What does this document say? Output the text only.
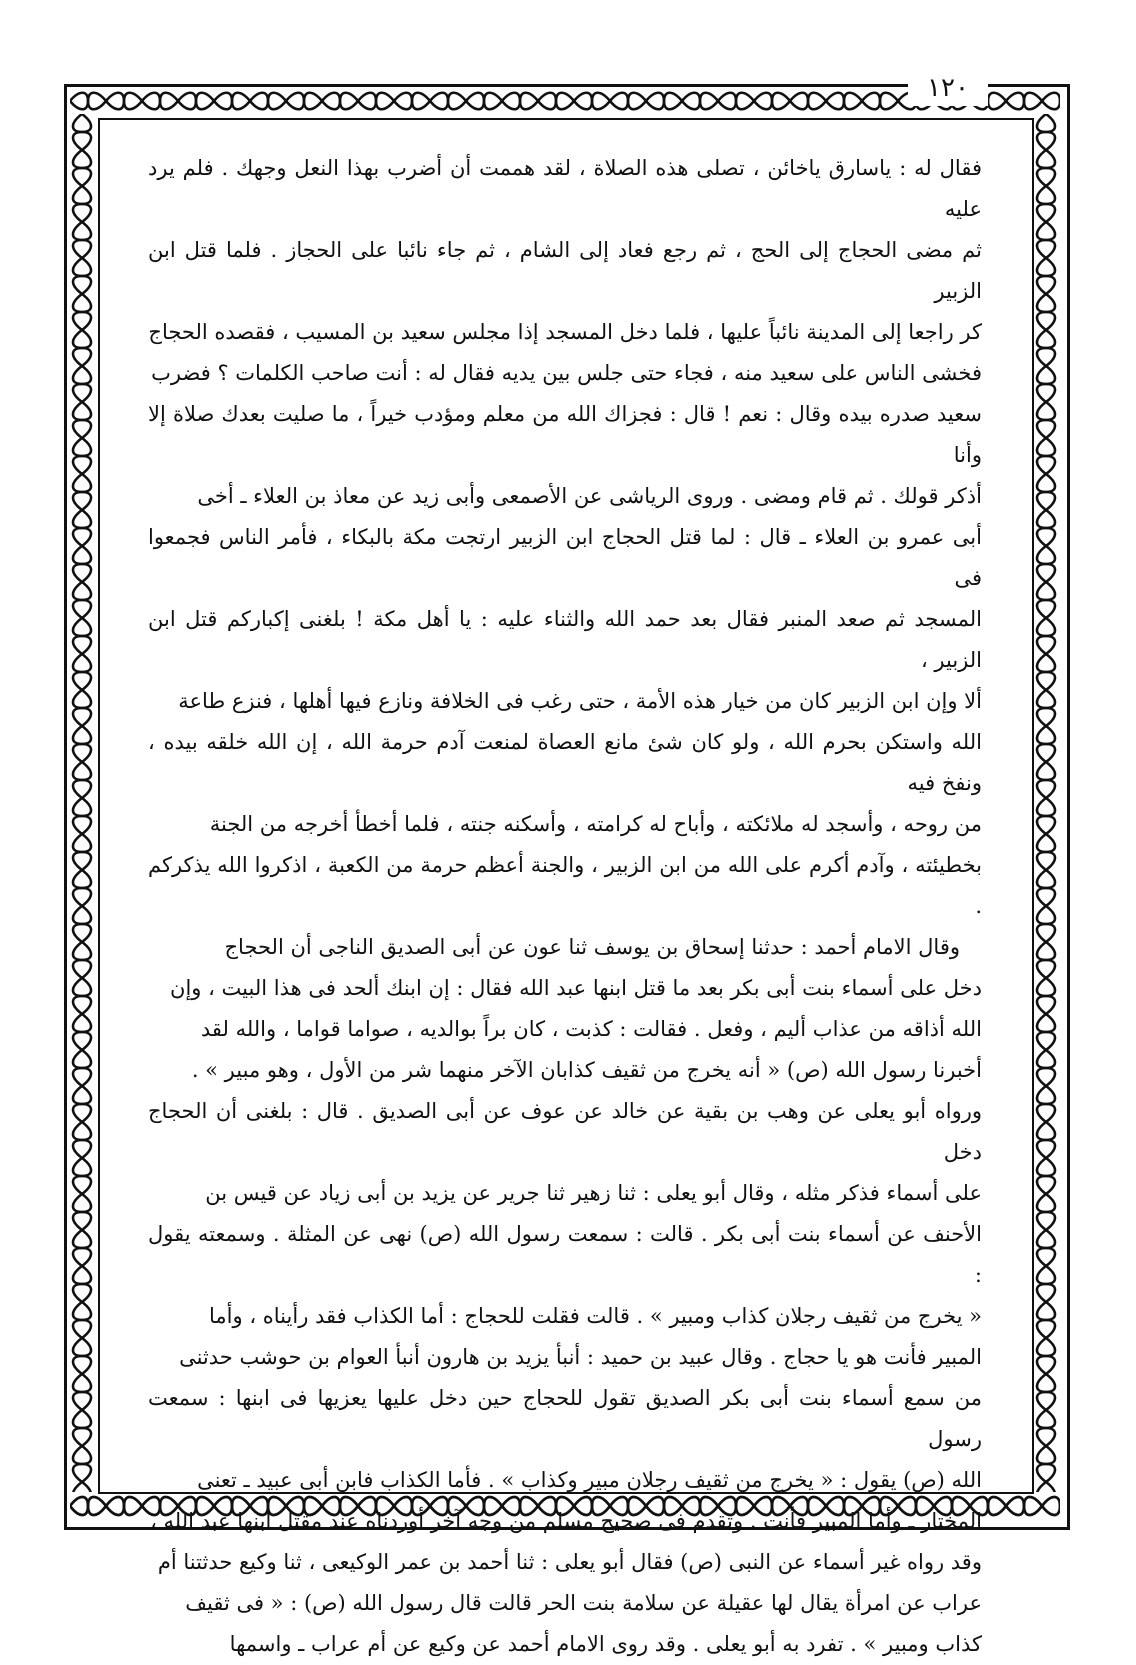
١٢٠

فقال له : ياسارق ياخائن ، تصلى هذه الصلاة ، لقد هممت أن أضرب بهذا النعل وجهك . فلم يرد عليه

ثم مضى الحجاج إلى الحج ، ثم رجع فعاد إلى الشام ، ثم جاء نائبا على الحجاز . فلما قتل ابن الزبير

كر راجعا إلى المدينة نائباً عليها ، فلما دخل المسجد إذا مجلس سعيد بن المسيب ، فقصده الحجاج

فخشى الناس على سعيد منه ، فجاء حتى جلس بين يديه فقال له : أنت صاحب الكلمات ؟ فضرب

سعيد صدره بيده وقال : نعم ! قال : فجزاك الله من معلم ومؤدب خيراً ، ما صليت بعدك صلاة إلا وأنا

أذكر قولك . ثم قام ومضى . وروى الرياشى عن الأصمعى وأبى زيد عن معاذ بن العلاء ـ أخى

أبى عمرو بن العلاء ـ قال : لما قتل الحجاج ابن الزبير ارتجت مكة بالبكاء ، فأمر الناس فجمعوا فى

المسجد ثم صعد المنبر فقال بعد حمد الله والثناء عليه : يا أهل مكة ! بلغنى إكباركم قتل ابن الزبير ،

ألا وإن ابن الزبير كان من خيار هذه الأمة ، حتى رغب فى الخلافة ونازع فيها أهلها ، فنزع طاعة

الله واستكن بحرم الله ، ولو كان شئ مانع العصاة لمنعت آدم حرمة الله ، إن الله خلقه بيده ، ونفخ فيه

من روحه ، وأسجد له ملائكته ، وأباح له كرامته ، وأسكنه جنته ، فلما أخطأ أخرجه من الجنة

بخطيئته ، وآدم أكرم على الله من ابن الزبير ، والجنة أعظم حرمة من الكعبة ، اذكروا الله يذكركم .

وقال الامام أحمد : حدثنا إسحاق بن يوسف ثنا عون عن أبى الصديق الناجى أن الحجاج

دخل على أسماء بنت أبى بكر بعد ما قتل ابنها عبد الله فقال : إن ابنك ألحد فى هذا البيت ، وإن

الله أذاقه من عذاب أليم ، وفعل . فقالت : كذبت ، كان براً بوالديه ، صواما قواما ، والله لقد

أخبرنا رسول الله (ص) « أنه يخرج من ثقيف كذابان الآخر منهما شر من الأول ، وهو مبير » .

ورواه أبو يعلى عن وهب بن بقية عن خالد عن عوف عن أبى الصديق . قال : بلغنى أن الحجاج دخل

على أسماء فذكر مثله ، وقال أبو يعلى : ثنا زهير ثنا جرير عن يزيد بن أبى زياد عن قيس بن

الأحنف عن أسماء بنت أبى بكر . قالت : سمعت رسول الله (ص) نهى عن المثلة . وسمعته يقول :

« يخرج من ثقيف رجلان كذاب ومبير » . قالت فقلت للحجاج : أما الكذاب فقد رأيناه ، وأما

المبير فأنت هو يا حجاج . وقال عبيد بن حميد : أنبأ يزيد بن هارون أنبأ العوام بن حوشب حدثنى

من سمع أسماء بنت أبى بكر الصديق تقول للحجاج حين دخل عليها يعزيها فى ابنها : سمعت رسول

الله (ص) يقول : « يخرج من ثقيف رجلان مبير وكذاب » . فأما الكذاب فابن أبى عبيد ـ تعنى

المختار ـ وأما المبير فأنت . وتقدم فى صحيح مسلم من وجه آخر أوردناه عند مقتل ابنها عبد الله ،

وقد رواه غير أسماء عن النبى (ص) فقال أبو يعلى : ثنا أحمد بن عمر الوكيعى ، ثنا وكيع حدثتنا أم

عراب عن امرأة يقال لها عقيلة عن سلامة بنت الحر قالت قال رسول الله (ص) : « فى ثقيف

كذاب ومبير » . تفرد به أبو يعلى . وقد روى الامام أحمد عن وكيع عن أم عراب ـ واسمها
